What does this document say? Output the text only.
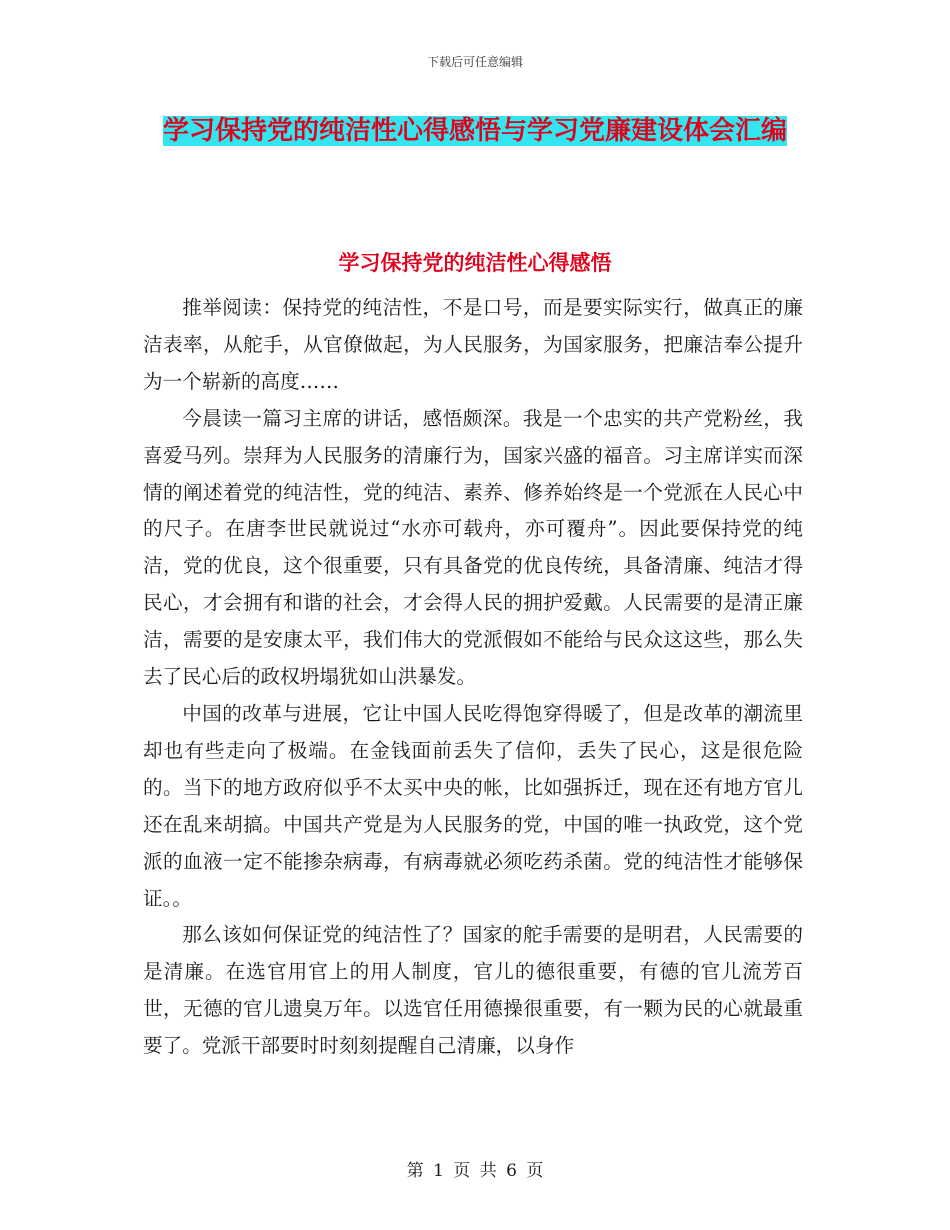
下载后可任意编辑
学习保持党的纯洁性心得感悟与学习党廉建设体会汇编
学习保持党的纯洁性心得感悟

推举阅读：保持党的纯洁性，不是口号，而是要实际实行，做真正的廉洁表率，从舵手，从官僚做起，为人民服务，为国家服务，把廉洁奉公提升为一个崭新的高度……

今晨读一篇习主席的讲话，感悟颇深。我是一个忠实的共产党粉丝，我喜爱马列。崇拜为人民服务的清廉行为，国家兴盛的福音。习主席详实而深情的阐述着党的纯洁性，党的纯洁、素养、修养始终是一个党派在人民心中的尺子。在唐李世民就说过“水亦可载舟，亦可覆舟”。因此要保持党的纯洁，党的优良，这个很重要，只有具备党的优良传统，具备清廉、纯洁才得民心，才会拥有和谐的社会，才会得人民的拥护爱戴。人民需要的是清正廉洁，需要的是安康太平，我们伟大的党派假如不能给与民众这这些，那么失去了民心后的政权坍塌犹如山洪暴发。

中国的改革与进展，它让中国人民吃得饱穿得暖了，但是改革的潮流里却也有些走向了极端。在金钱面前丢失了信仰，丢失了民心，这是很危险的。当下的地方政府似乎不太买中央的帐，比如强拆迁，现在还有地方官儿还在乱来胡搞。中国共产党是为人民服务的党，中国的唯一执政党，这个党派的血液一定不能掺杂病毒，有病毒就必须吃药杀菌。党的纯洁性才能够保证。。

那么该如何保证党的纯洁性了？国家的舵手需要的是明君，人民需要的是清廉。在选官用官上的用人制度，官儿的德很重要，有德的官儿流芳百世，无德的官儿遗臭万年。以选官任用德操很重要，有一颗为民的心就最重要了。党派干部要时时刻刻提醒自己清廉，以身作

第 1 页 共 6 页
